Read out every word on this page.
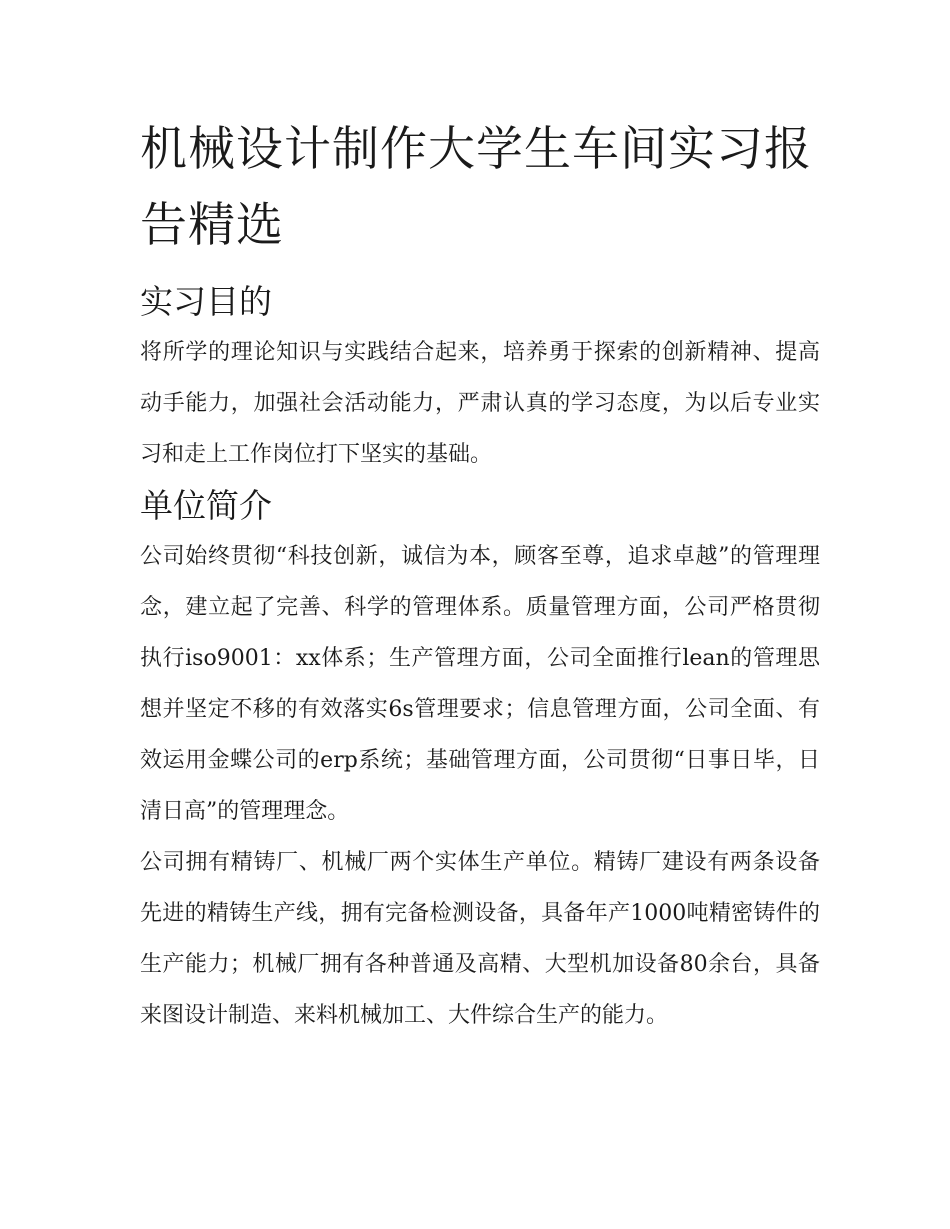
机械设计制作大学生车间实习报告精选
实习目的

将所学的理论知识与实践结合起来，培养勇于探索的创新精神、提高动手能力，加强社会活动能力，严肃认真的学习态度，为以后专业实习和走上工作岗位打下坚实的基础。

单位简介

公司始终贯彻“科技创新，诚信为本，顾客至尊，追求卓越”的管理理念，建立起了完善、科学的管理体系。质量管理方面，公司严格贯彻执行iso9001：xx体系；生产管理方面，公司全面推行lean的管理思想并坚定不移的有效落实6s管理要求；信息管理方面，公司全面、有效运用金蝶公司的erp系统；基础管理方面，公司贯彻“日事日毕，日清日高”的管理理念。

公司拥有精铸厂、机械厂两个实体生产单位。精铸厂建设有两条设备先进的精铸生产线，拥有完备检测设备，具备年产1000吨精密铸件的生产能力；机械厂拥有各种普通及高精、大型机加设备80余台，具备来图设计制造、来料机械加工、大件综合生产的能力。
